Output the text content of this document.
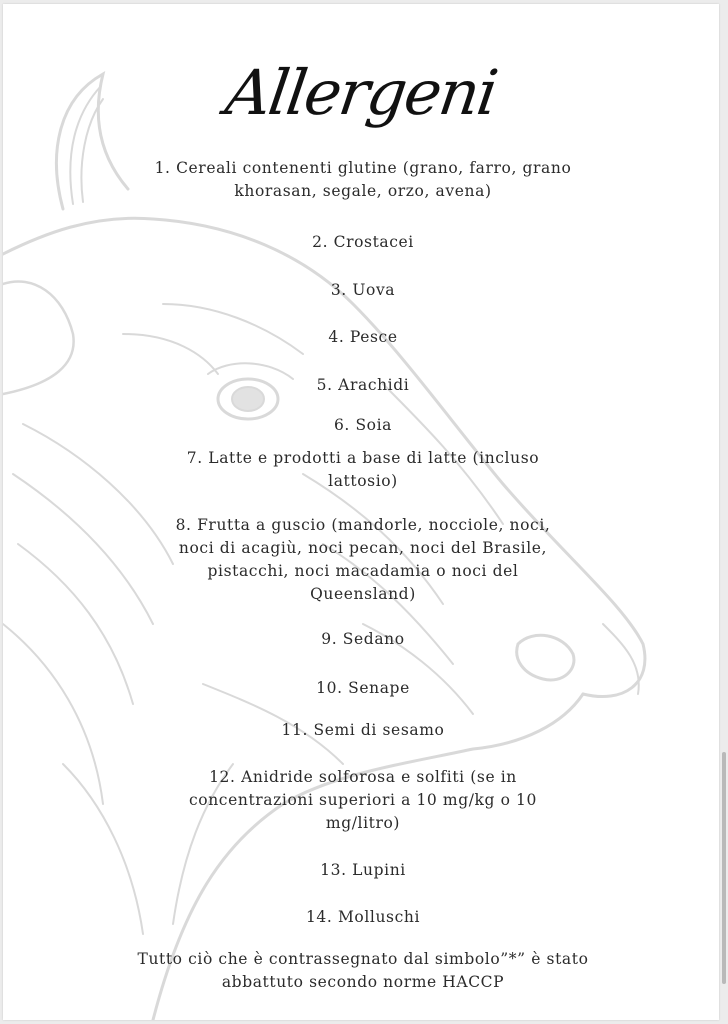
Allergeni
1. Cereali contenenti glutine (grano, farro, grano khorasan, segale, orzo, avena)
2. Crostacei
3. Uova
4. Pesce
5. Arachidi
6. Soia
7. Latte e prodotti a base di latte (incluso lattosio)
8. Frutta a guscio (mandorle, nocciole, noci, noci di acagiù, noci pecan, noci del Brasile, pistacchi, noci macadamia o noci del Queensland)
9. Sedano
10. Senape
11. Semi di sesamo
12. Anidride solforosa e solfiti (se in concentrazioni superiori a 10 mg/kg o 10 mg/litro)
13. Lupini
14. Molluschi
Tutto ciò che è contrassegnato dal simbolo”*” è stato abbattuto secondo norme HACCP
